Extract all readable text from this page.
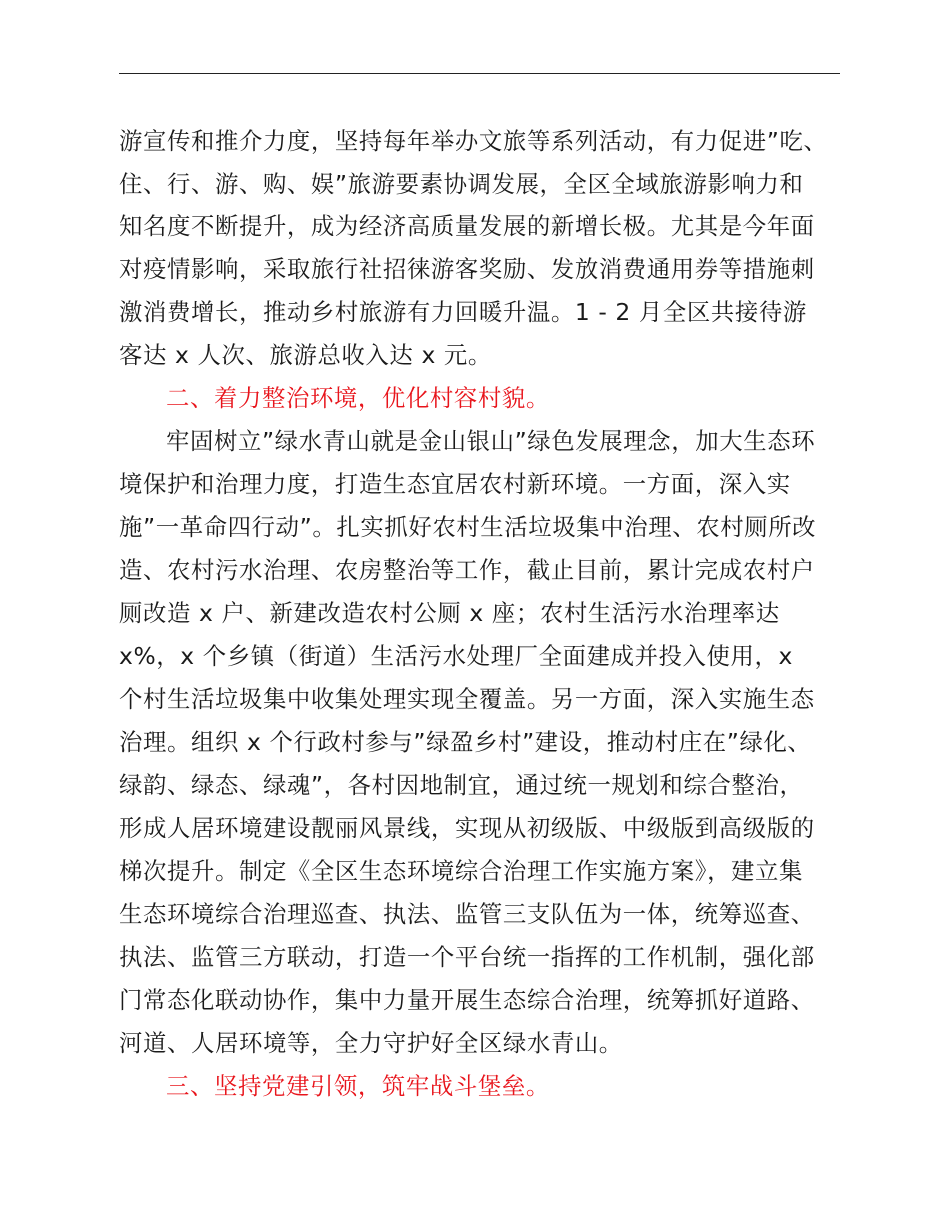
游宣传和推介力度，坚持每年举办文旅等系列活动，有力促进”吃、
住、行、游、购、娱”旅游要素协调发展，全区全域旅游影响力和
知名度不断提升，成为经济高质量发展的新增长极。尤其是今年面
对疫情影响，采取旅行社招徕游客奖励、发放消费通用券等措施刺
激消费增长，推动乡村旅游有力回暖升温。1 - 2 月全区共接待游
客达 x 人次、旅游总收入达 x 元。
二、着力整治环境，优化村容村貌。
牢固树立”绿水青山就是金山银山”绿色发展理念，加大生态环
境保护和治理力度，打造生态宜居农村新环境。一方面，深入实
施”一革命四行动”。扎实抓好农村生活垃圾集中治理、农村厕所改
造、农村污水治理、农房整治等工作，截止目前，累计完成农村户
厕改造 x 户、新建改造农村公厕 x 座；农村生活污水治理率达
x%，x 个乡镇（街道）生活污水处理厂全面建成并投入使用，x
个村生活垃圾集中收集处理实现全覆盖。另一方面，深入实施生态
治理。组织 x 个行政村参与”绿盈乡村”建设，推动村庄在”绿化、
绿韵、绿态、绿魂”，各村因地制宜，通过统一规划和综合整治，
形成人居环境建设靓丽风景线，实现从初级版、中级版到高级版的
梯次提升。制定《全区生态环境综合治理工作实施方案》，建立集
生态环境综合治理巡查、执法、监管三支队伍为一体，统筹巡查、
执法、监管三方联动，打造一个平台统一指挥的工作机制，强化部
门常态化联动协作，集中力量开展生态综合治理，统筹抓好道路、
河道、人居环境等，全力守护好全区绿水青山。
三、坚持党建引领，筑牢战斗堡垒。
